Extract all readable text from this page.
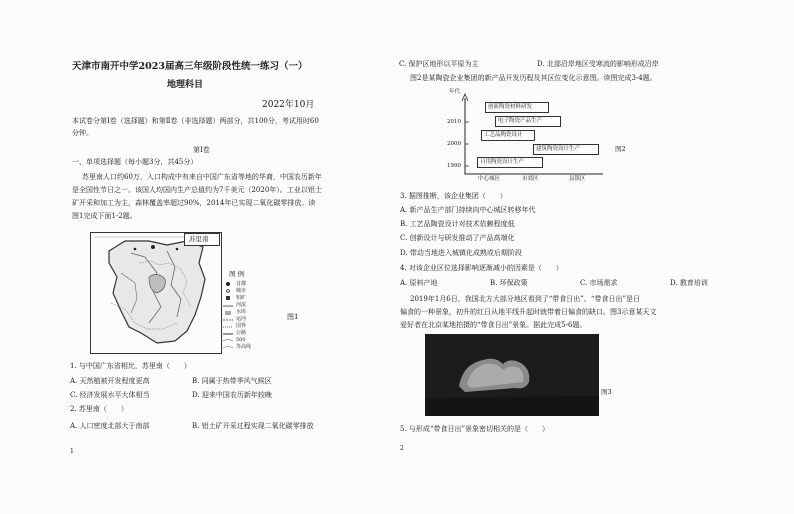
天津市南开中学2023届高三年级阶段性统一练习（一）
地理科目
2022年10月
本试卷分第Ⅰ卷（选择题）和第Ⅱ卷（非选择题）两部分，共100分，考试用时60
分钟。
第Ⅰ卷
一、单项选择题（每小题3分，共45分）
苏里南人口约60万，入口构成中有来自中国广东省等地的华裔，中国农历新年
是全国性节日之一。该国人均国内生产总值约为7千美元（2020年）。工业以铝土
矿开采和加工为主，森林覆盖率超过90%，2014年已实现二氧化碳零排放。读
图1完成下面1-2题。
苏里南
图 例
首都
城市
铝矿
河流
水库
运河
国界
公路
500
等高线
图1
1. 与中国广东省相比，苏里南（　　）
A. 天然植被开发程度更高	B. 同属于热带季风气候区
C. 经济发展水平大体相当	D. 迎来中国农历新年较晚
2. 苏里南（　　）
A. 人口密度北部大于南部	B. 铝土矿开采过程实现二氧化碳零排放
1
C. 保护区地形以平原为主	D. 北部沿岸地区受寒流的影响形成沿岸
图2是某陶瓷企业集团的新产品开发历程及其区位变化示意图。读图完成3-4题。
年代
2010
2000
1990
创新陶瓷材料研发
电子陶瓷产品生产
工艺品陶瓷设计
建筑陶瓷设计生产
日用陶瓷设计生产
中心城区	市郊区	县镇区
图2
3. 据图推断，该企业集团（　　）
A. 新产品生产部门持续向中心城区转移年代
B. 工艺品陶瓷设计对技术依赖程度低
C. 创新设计与研发推动了产品高端化
D. 带动当地进入城镇化成熟或后期阶段
4. 对该企业区位选择影响逐渐减小的因素是（　　）
A. 原料产地	B. 环保政策	C. 市场需求	D. 教育培训
2019年1月6日，我国北方大部分地区看到了“带食日出”。“带食日出”是日
偏食的一种景象，初升的红日从地平线升起时就带着日偏食的缺口。图3示意某天文
爱好者在北京某地拍摄的“带食日出”景象。据此完成5-6题。
图3
5. 与形成“带食日出”景象密切相关的是（　　）
2
